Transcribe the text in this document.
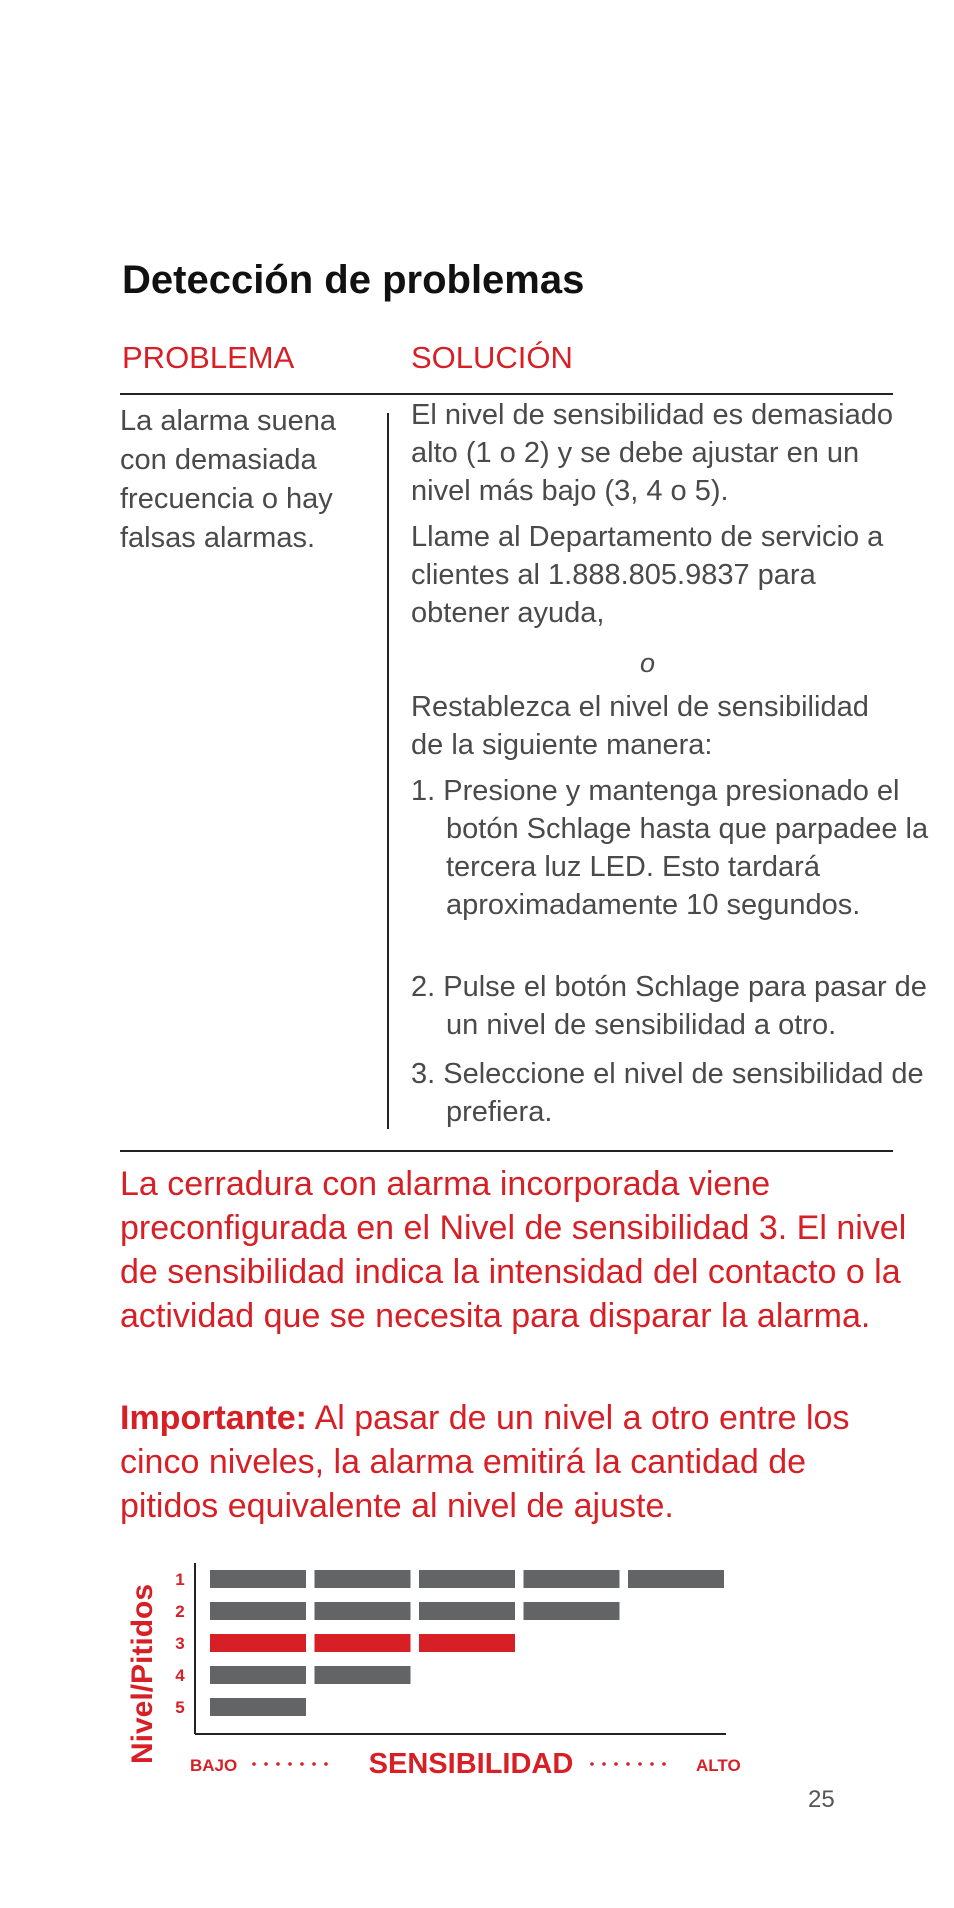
Detección de problemas
PROBLEMA	SOLUCIÓN

La alarma suena con demasiada frecuencia o hay falsas alarmas.

El nivel de sensibilidad es demasiado alto (1 o 2) y se debe ajustar en un nivel más bajo (3, 4 o 5).

Llame al Departamento de servicio a clientes al 1.888.805.9837 para obtener ayuda,

o

Restablezca el nivel de sensibilidad de la siguiente manera:

1. Presione y mantenga presionado el botón Schlage hasta que parpadee la tercera luz LED. Esto tardará aproximadamente 10 segundos.

2. Pulse el botón Schlage para pasar de un nivel de sensibilidad a otro.

3. Seleccione el nivel de sensibilidad de prefiera.

La cerradura con alarma incorporada viene preconfigurada en el Nivel de sensibilidad 3. El nivel de sensibilidad indica la intensidad del contacto o la actividad que se necesita para disparar la alarma.

Importante: Al pasar de un nivel a otro entre los cinco niveles, la alarma emitirá la cantidad de pitidos equivalente al nivel de ajuste.

Nivel/Pitidos
1
2
3
4
5
BAJO	SENSIBILIDAD	ALTO
25
